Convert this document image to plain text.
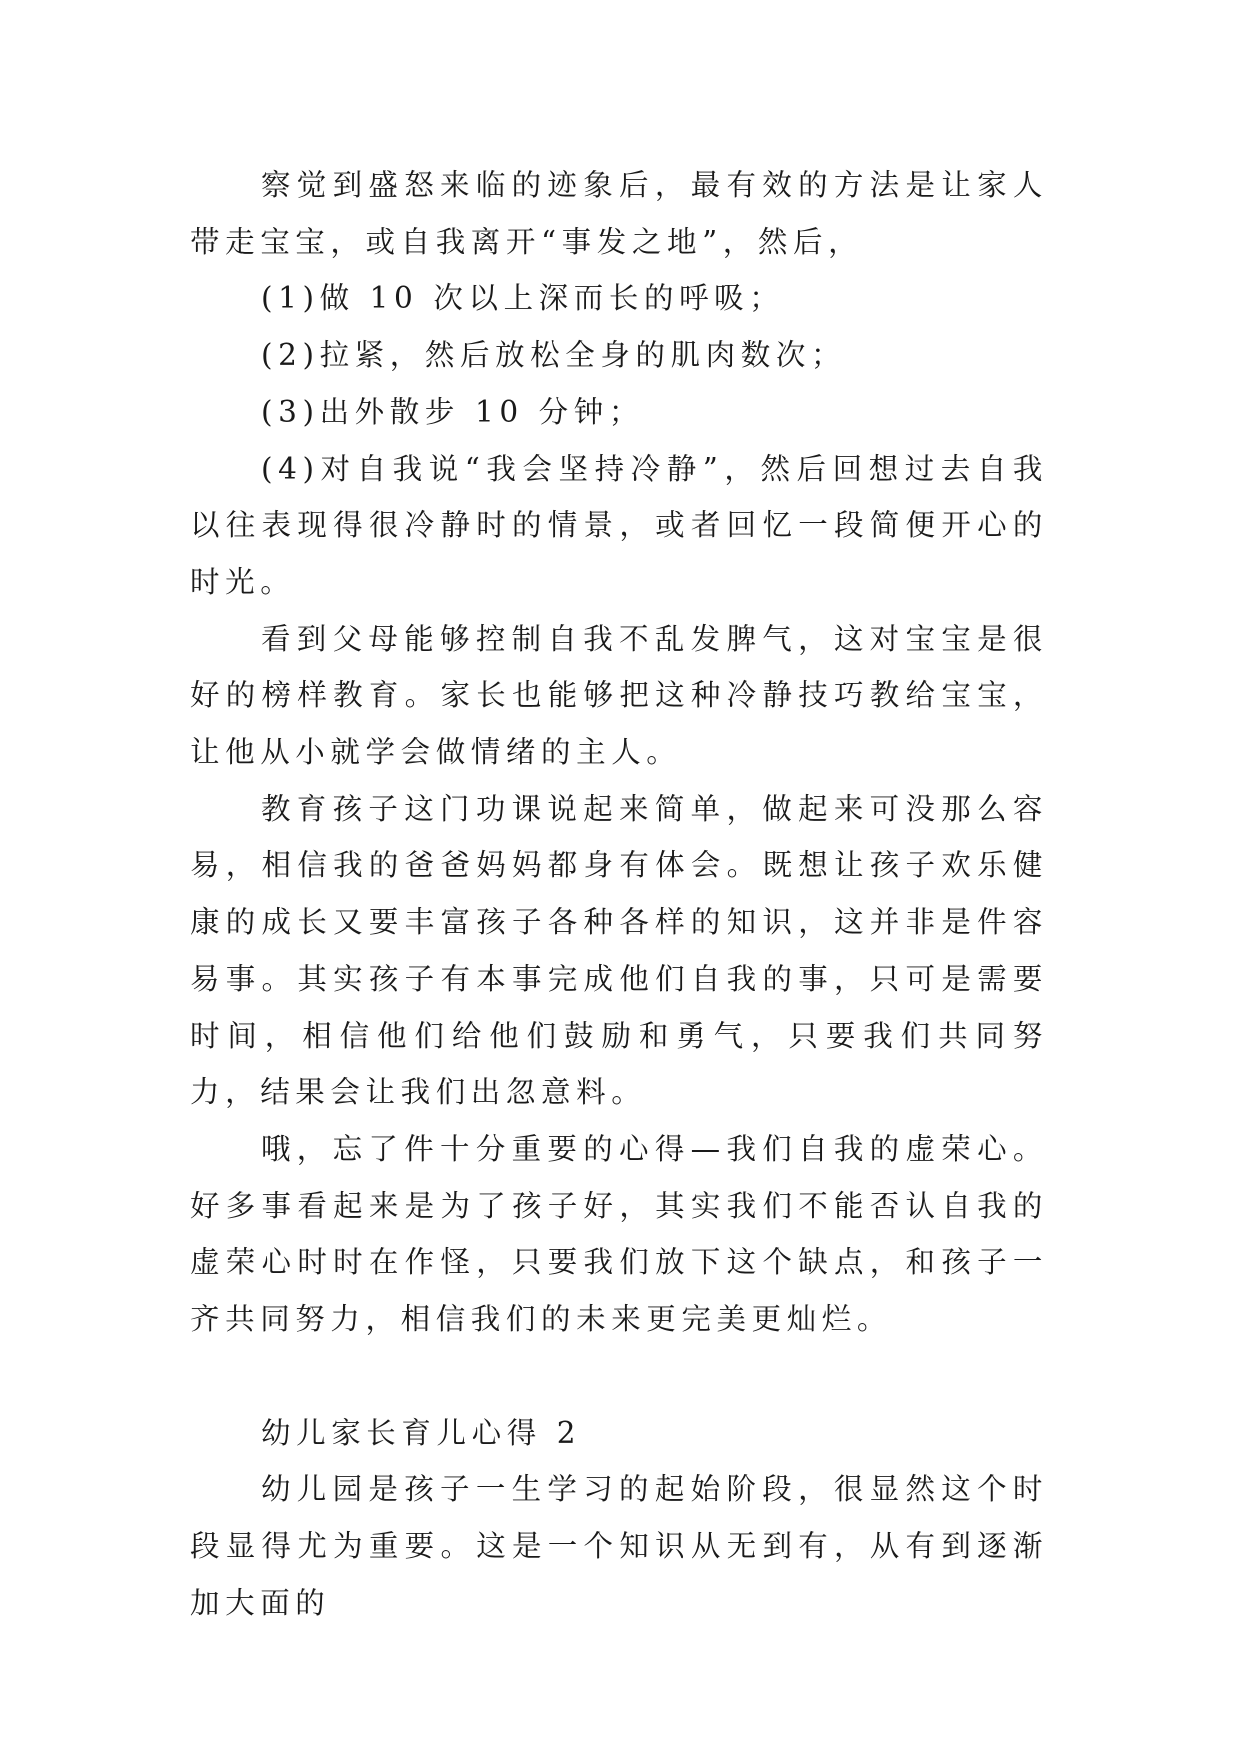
察觉到盛怒来临的迹象后，最有效的方法是让家人带走宝宝，或自我离开“事发之地”，然后，

(1)做 10 次以上深而长的呼吸；

(2)拉紧，然后放松全身的肌肉数次；

(3)出外散步 10 分钟；

(4)对自我说“我会坚持冷静”，然后回想过去自我以往表现得很冷静时的情景，或者回忆一段简便开心的时光。

看到父母能够控制自我不乱发脾气，这对宝宝是很好的榜样教育。家长也能够把这种冷静技巧教给宝宝，让他从小就学会做情绪的主人。

教育孩子这门功课说起来简单，做起来可没那么容易，相信我的爸爸妈妈都身有体会。既想让孩子欢乐健康的成长又要丰富孩子各种各样的知识，这并非是件容易事。其实孩子有本事完成他们自我的事，只可是需要时间，相信他们给他们鼓励和勇气，只要我们共同努力，结果会让我们出忽意料。

哦，忘了件十分重要的心得—我们自我的虚荣心。好多事看起来是为了孩子好，其实我们不能否认自我的虚荣心时时在作怪，只要我们放下这个缺点，和孩子一齐共同努力，相信我们的未来更完美更灿烂。

幼儿家长育儿心得 2

幼儿园是孩子一生学习的起始阶段，很显然这个时段显得尤为重要。这是一个知识从无到有，从有到逐渐加大面的
